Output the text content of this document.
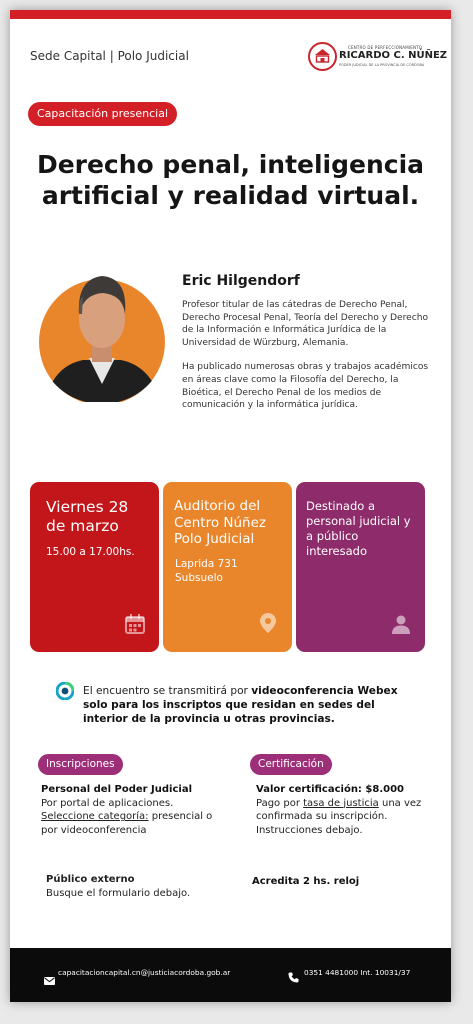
Sede Capital | Polo Judicial
CENTRO DE PERFECCIONAMIENTO
RICARDO C. NÚÑEZ
PODER JUDICIAL DE LA PROVINCIA DE CÓRDOBA
Capacitación presencial
Derecho penal, inteligencia artificial y realidad virtual.
Eric Hilgendorf

Profesor titular de las cátedras de Derecho Penal, Derecho Procesal Penal, Teoría del Derecho y Derecho de la Información e Informática Jurídica de la Universidad de Würzburg, Alemania.

Ha publicado numerosas obras y trabajos académicos en áreas clave como la Filosofía del Derecho, la Bioética, el Derecho Penal de los medios de comunicación y la informática jurídica.

Viernes 28
de marzo
15.00 a 17.00hs.
Auditorio del Centro Núñez Polo Judicial
Laprida 731
Subsuelo
Destinado a personal judicial y a público interesado
El encuentro se transmitirá por videoconferencia Webex solo para los inscriptos que residan en sedes del interior de la provincia u otras provincias.
Inscripciones	Certificación
Personal del Poder Judicial
Por portal de aplicaciones.
Seleccione categoría: presencial o por videoconferencia
Valor certificación: $8.000
Pago por tasa de justicia una vez confirmada su inscripción. Instrucciones debajo.
Público externo
Busque el formulario debajo.
Acredita 2 hs. reloj
capacitacioncapital.cn@justiciacordoba.gob.ar	0351 4481000 Int. 10031/37
